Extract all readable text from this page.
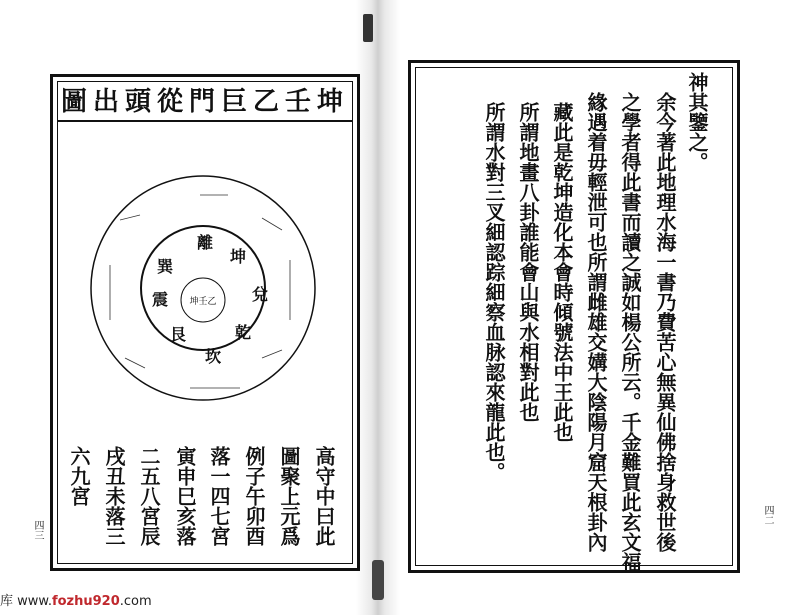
坤壬乙巨門從頭出圖
巽
離
坤
兌
乾
坎
艮
震 坤壬乙
高守中曰此
圖聚上元爲
例子午卯酉
落一四七宮
寅申巳亥落
二五八宮辰
戌丑未落三
六九宮
四三
神其鑒之。
余今著此地理水海一書乃費苦心無異仙佛捨身救世後
之學者得此書而讀之誠如楊公所云。千金難買此玄文福
緣遇着毋輕泄可也所謂雌雄交媾大陰陽月窟天根卦內
藏此是乾坤造化本會時傾號法中王此也
所謂地畫八卦誰能會山與水相對此也
所謂水對三叉細認踪細察血脉認來龍此也。
四二
库 www.fozhu920.com
